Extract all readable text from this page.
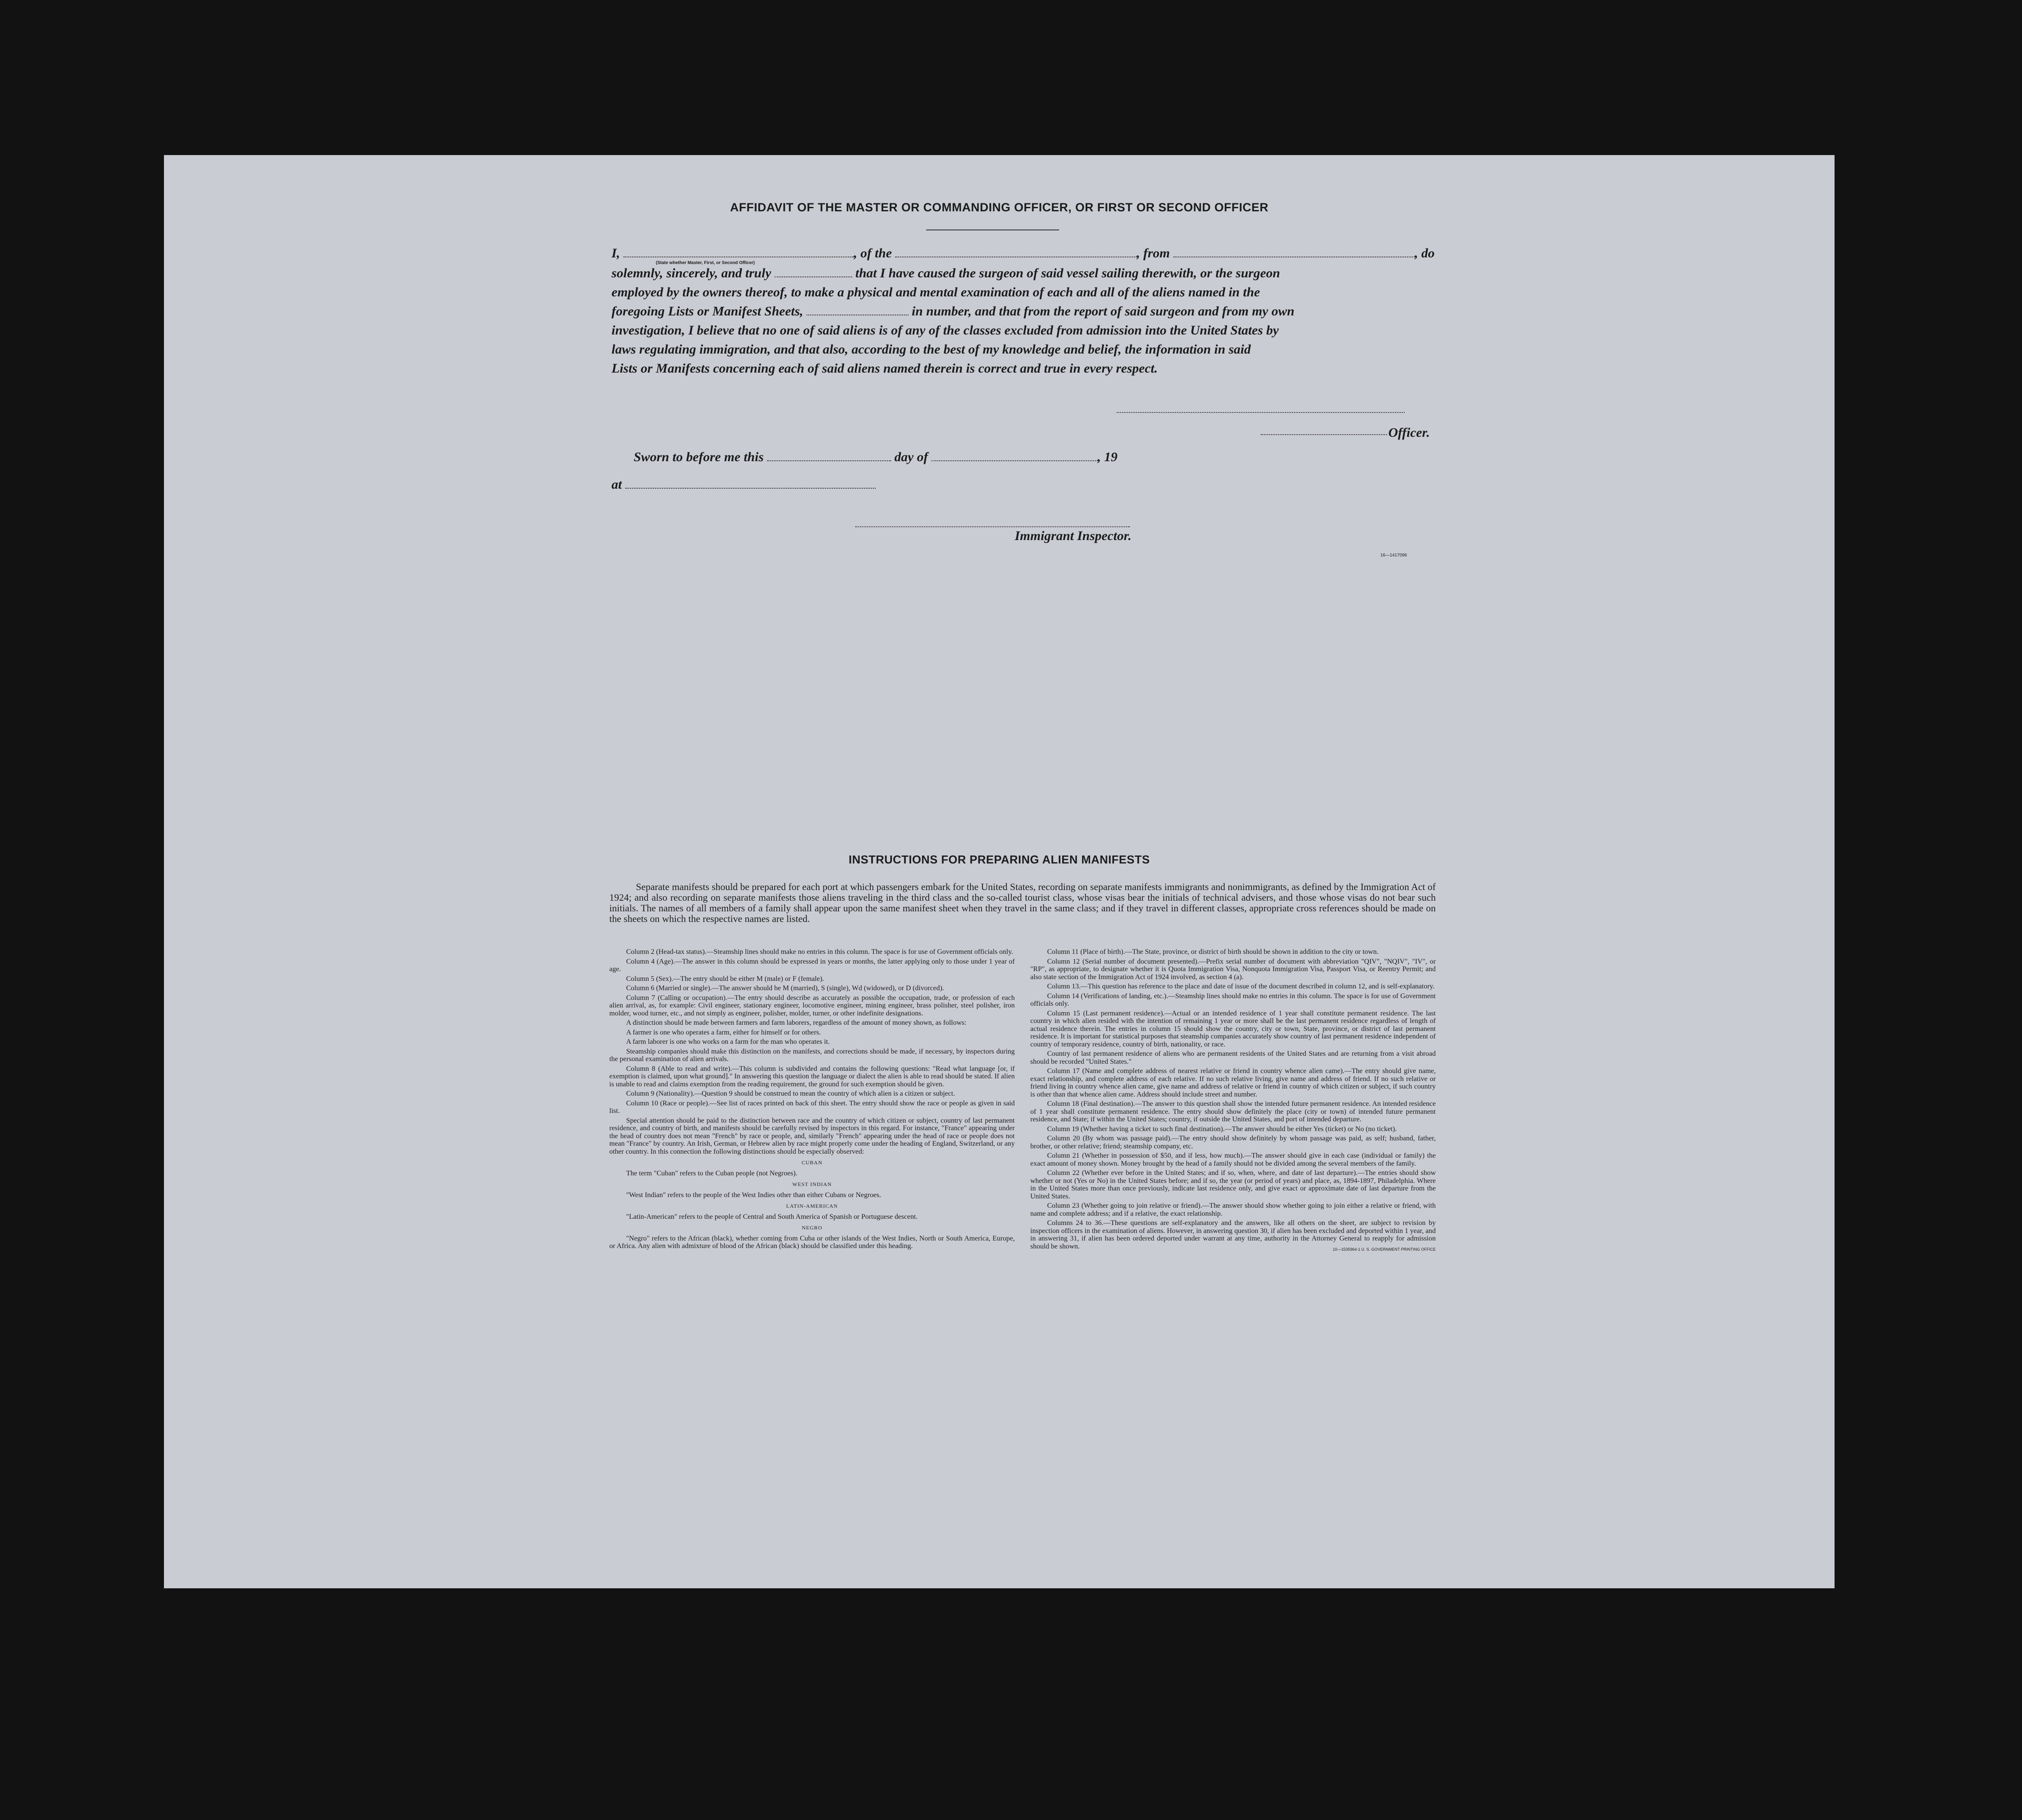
AFFIDAVIT OF THE MASTER OR COMMANDING OFFICER, OR FIRST OR SECOND OFFICER
I,	, of the	, from	, do
(State whether Master, First, or Second Officer)
solemnly, sincerely, and truly	that I have caused the surgeon of said vessel sailing therewith, or the surgeon
employed by the owners thereof, to make a physical and mental examination of each and all of the aliens named in the
foregoing Lists or Manifest Sheets,	in number, and that from the report of said surgeon and from my own
investigation, I believe that no one of said aliens is of any of the classes excluded from admission into the United States by
laws regulating immigration, and that also, according to the best of my knowledge and belief, the information in said
Lists or Manifests concerning each of said aliens named therein is correct and true in every respect.
Officer.
Sworn to before me this	day of	, 19
at
Immigrant Inspector.
16—1417096
INSTRUCTIONS FOR PREPARING ALIEN MANIFESTS

Separate manifests should be prepared for each port at which passengers embark for the United States, recording on separate manifests immigrants and nonimmigrants, as defined by the Immigration Act of 1924; and also recording on separate manifests those aliens traveling in the third class and the so-called tourist class, whose visas bear the initials of technical advisers, and those whose visas do not bear such initials. The names of all members of a family shall appear upon the same manifest sheet when they travel in the same class; and if they travel in different classes, appropriate cross references should be made on the sheets on which the respective names are listed.

Column 2 (Head-tax status).—Steamship lines should make no entries in this column. The space is for use of Government officials only.

Column 4 (Age).—The answer in this column should be expressed in years or months, the latter applying only to those under 1 year of age.

Column 5 (Sex).—The entry should be either M (male) or F (female).

Column 6 (Married or single).—The answer should be M (married), S (single), Wd (widowed), or D (divorced).

Column 7 (Calling or occupation).—The entry should describe as accurately as possible the occupation, trade, or profession of each alien arrival, as, for example: Civil engineer, stationary engineer, locomotive engineer, mining engineer, brass polisher, steel polisher, iron molder, wood turner, etc., and not simply as engineer, polisher, molder, turner, or other indefinite designations.

A distinction should be made between farmers and farm laborers, regardless of the amount of money shown, as follows:

A farmer is one who operates a farm, either for himself or for others.

A farm laborer is one who works on a farm for the man who operates it.

Steamship companies should make this distinction on the manifests, and corrections should be made, if necessary, by inspectors during the personal examination of alien arrivals.

Column 8 (Able to read and write).—This column is subdivided and contains the following questions: "Read what language [or, if exemption is claimed, upon what ground]." In answering this question the language or dialect the alien is able to read should be stated. If alien is unable to read and claims exemption from the reading requirement, the ground for such exemption should be given.

Column 9 (Nationality).—Question 9 should be construed to mean the country of which alien is a citizen or subject.

Column 10 (Race or people).—See list of races printed on back of this sheet. The entry should show the race or people as given in said list.

Special attention should be paid to the distinction between race and the country of which citizen or subject, country of last permanent residence, and country of birth, and manifests should be carefully revised by inspectors in this regard. For instance, "France" appearing under the head of country does not mean "French" by race or people, and, similarly "French" appearing under the head of race or people does not mean "France" by country. An Irish, German, or Hebrew alien by race might properly come under the heading of England, Switzerland, or any other country. In this connection the following distinctions should be especially observed:

CUBAN

The term "Cuban" refers to the Cuban people (not Negroes).

WEST INDIAN

"West Indian" refers to the people of the West Indies other than either Cubans or Negroes.

LATIN-AMERICAN

"Latin-American" refers to the people of Central and South America of Spanish or Portuguese descent.

NEGRO

"Negro" refers to the African (black), whether coming from Cuba or other islands of the West Indies, North or South America, Europe, or Africa. Any alien with admixture of blood of the African (black) should be classified under this heading.

Column 11 (Place of birth).—The State, province, or district of birth should be shown in addition to the city or town.

Column 12 (Serial number of document presented).—Prefix serial number of document with abbreviation "QIV", "NQIV", "IV", or "RP", as appropriate, to designate whether it is Quota Immigration Visa, Nonquota Immigration Visa, Passport Visa, or Reentry Permit; and also state section of the Immigration Act of 1924 involved, as section 4 (a).

Column 13.—This question has reference to the place and date of issue of the document described in column 12, and is self-explanatory.

Column 14 (Verifications of landing, etc.).—Steamship lines should make no entries in this column. The space is for use of Government officials only.

Column 15 (Last permanent residence).—Actual or an intended residence of 1 year shall constitute permanent residence. The last country in which alien resided with the intention of remaining 1 year or more shall be the last permanent residence regardless of length of actual residence therein. The entries in column 15 should show the country, city or town, State, province, or district of last permanent residence. It is important for statistical purposes that steamship companies accurately show country of last permanent residence independent of country of temporary residence, country of birth, nationality, or race.

Country of last permanent residence of aliens who are permanent residents of the United States and are returning from a visit abroad should be recorded "United States."

Column 17 (Name and complete address of nearest relative or friend in country whence alien came).—The entry should give name, exact relationship, and complete address of each relative. If no such relative living, give name and address of friend. If no such relative or friend living in country whence alien came, give name and address of relative or friend in country of which citizen or subject, if such country is other than that whence alien came. Address should include street and number.

Column 18 (Final destination).—The answer to this question shall show the intended future permanent residence. An intended residence of 1 year shall constitute permanent residence. The entry should show definitely the place (city or town) of intended future permanent residence, and State; if within the United States; country, if outside the United States, and port of intended departure.

Column 19 (Whether having a ticket to such final destination).—The answer should be either Yes (ticket) or No (no ticket).

Column 20 (By whom was passage paid).—The entry should show definitely by whom passage was paid, as self; husband, father, brother, or other relative; friend; steamship company, etc.

Column 21 (Whether in possession of $50, and if less, how much).—The answer should give in each case (individual or family) the exact amount of money shown. Money brought by the head of a family should not be divided among the several members of the family.

Column 22 (Whether ever before in the United States; and if so, when, where, and date of last departure).—The entries should show whether or not (Yes or No) in the United States before; and if so, the year (or period of years) and place, as, 1894-1897, Philadelphia. Where in the United States more than once previously, indicate last residence only, and give exact or approximate date of last departure from the United States.

Column 23 (Whether going to join relative or friend).—The answer should show whether going to join either a relative or friend, with name and complete address; and if a relative, the exact relationship.

Columns 24 to 36.—These questions are self-explanatory and the answers, like all others on the sheet, are subject to revision by inspection officers in the examination of aliens. However, in answering question 30, if alien has been excluded and deported within 1 year, and in answering 31, if alien has been ordered deported under warrant at any time, authority in the Attorney General to reapply for admission should be shown.	10—1535964-1 U. S. GOVERNMENT PRINTING OFFICE
